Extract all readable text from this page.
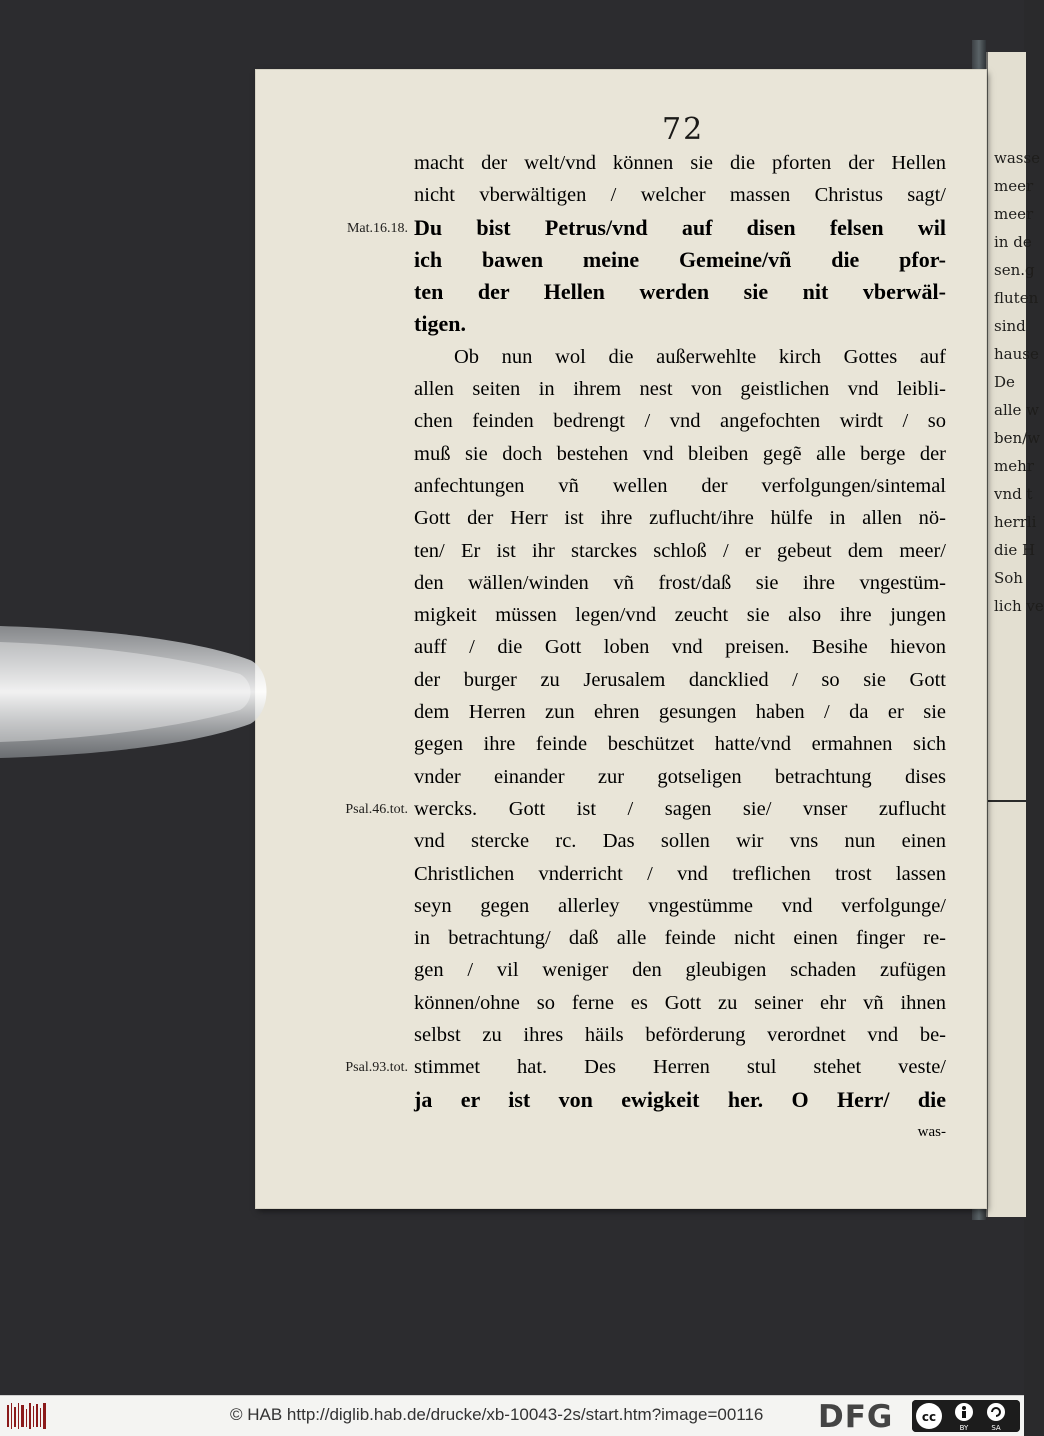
wasse
meer
meer
in de
sen.g
fluten
sind
hause
De
alle w
ben/w
mehr
vnd t
herrli
die H
Soh
lich ve
72
macht der welt/vnd können sie die pforten der Hellen
nicht vberwältigen / welcher massen Christus sagt/
Du bist Petrus/vnd auf disen felsen wil
ich bawen meine Gemeine/vñ die pfor-
ten der Hellen werden sie nit vberwäl-
tigen.
Ob nun wol die außerwehlte kirch Gottes auf
allen seiten in ihrem nest von geistlichen vnd leibli-
chen feinden bedrengt / vnd angefochten wirdt / so
muß sie doch bestehen vnd bleiben gegẽ alle berge der
anfechtungen vñ wellen der verfolgungen/sintemal
Gott der Herr ist ihre zuflucht/ihre hülfe in allen nö-
ten/ Er ist ihr starckes schloß / er gebeut dem meer/
den wällen/winden vñ frost/daß sie ihre vngestüm-
migkeit müssen legen/vnd zeucht sie also ihre jungen
auff / die Gott loben vnd preisen. Besihe hievon
der burger zu Jerusalem dancklied / so sie Gott
dem Herren zun ehren gesungen haben / da er sie
gegen ihre feinde beschützet hatte/vnd ermahnen sich
vnder einander zur gotseligen betrachtung dises
wercks. Gott ist / sagen sie/ vnser zuflucht
vnd stercke rc. Das sollen wir vns nun einen
Christlichen vnderricht / vnd treflichen trost lassen
seyn gegen allerley vngestümme vnd verfolgunge/
in betrachtung/ daß alle feinde nicht einen finger re-
gen / vil weniger den gleubigen schaden zufügen
können/ohne so ferne es Gott zu seiner ehr vñ ihnen
selbst zu ihres häils beförderung verordnet vnd be-
stimmet hat. Des Herren stul stehet veste/
ja er ist von ewigkeit her. O Herr/ die
was-
Mat.16.18.
Psal.46.tot.
Psal.93.tot.
© HAB http://diglib.hab.de/drucke/xb-10043-2s/start.htm?image=00116 DFG cc
BY	SA
